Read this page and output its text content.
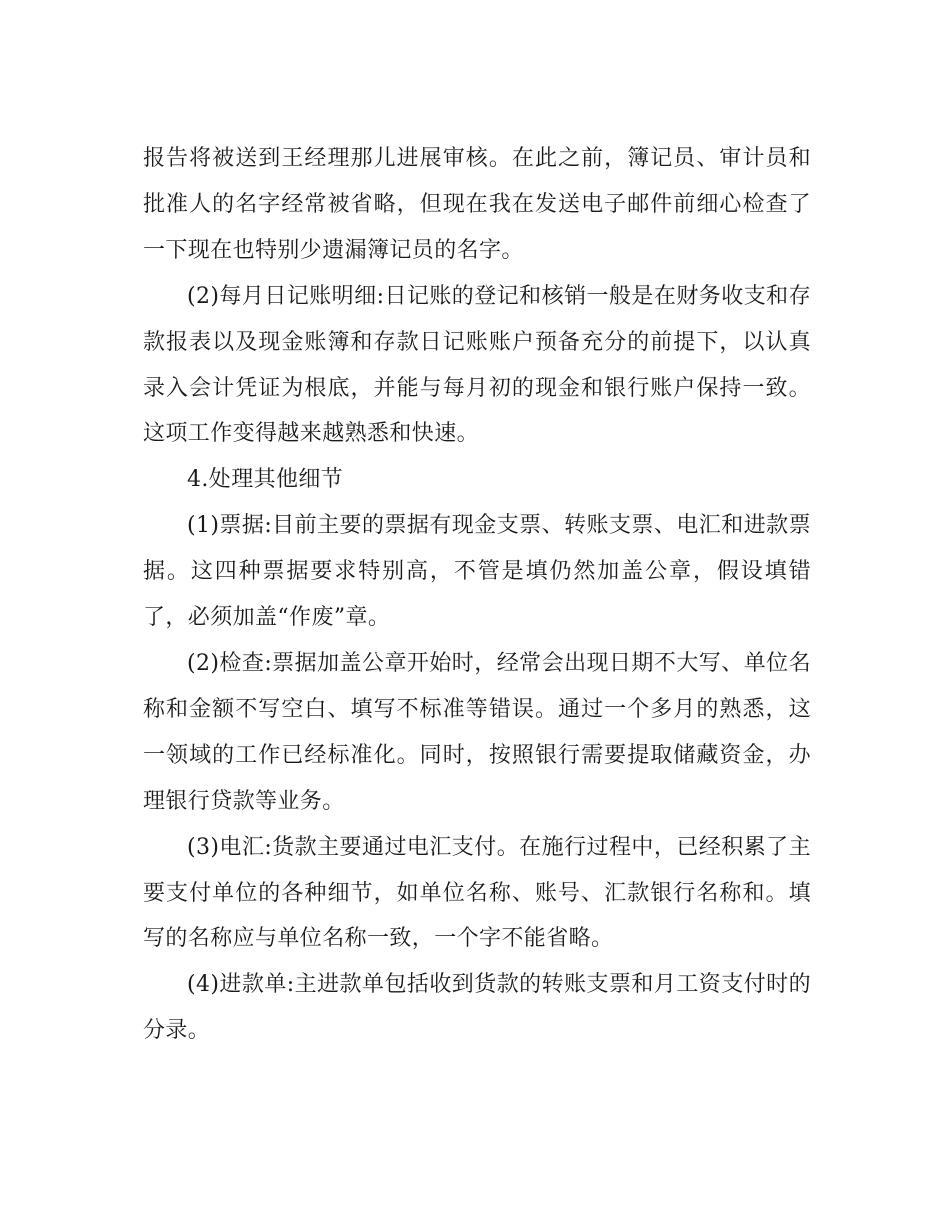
报告将被送到王经理那儿进展审核。在此之前，簿记员、审计员和批准人的名字经常被省略，但现在我在发送电子邮件前细心检查了一下现在也特别少遗漏簿记员的名字。

(2)每月日记账明细:日记账的登记和核销一般是在财务收支和存款报表以及现金账簿和存款日记账账户预备充分的前提下，以认真录入会计凭证为根底，并能与每月初的现金和银行账户保持一致。这项工作变得越来越熟悉和快速。

4.处理其他细节

(1)票据:目前主要的票据有现金支票、转账支票、电汇和进款票据。这四种票据要求特别高，不管是填仍然加盖公章，假设填错了，必须加盖“作废”章。

(2)检查:票据加盖公章开始时，经常会出现日期不大写、单位名称和金额不写空白、填写不标准等错误。通过一个多月的熟悉，这一领域的工作已经标准化。同时，按照银行需要提取储藏资金，办理银行贷款等业务。

(3)电汇:货款主要通过电汇支付。在施行过程中，已经积累了主要支付单位的各种细节，如单位名称、账号、汇款银行名称和。填写的名称应与单位名称一致，一个字不能省略。

(4)进款单:主进款单包括收到货款的转账支票和月工资支付时的分录。
